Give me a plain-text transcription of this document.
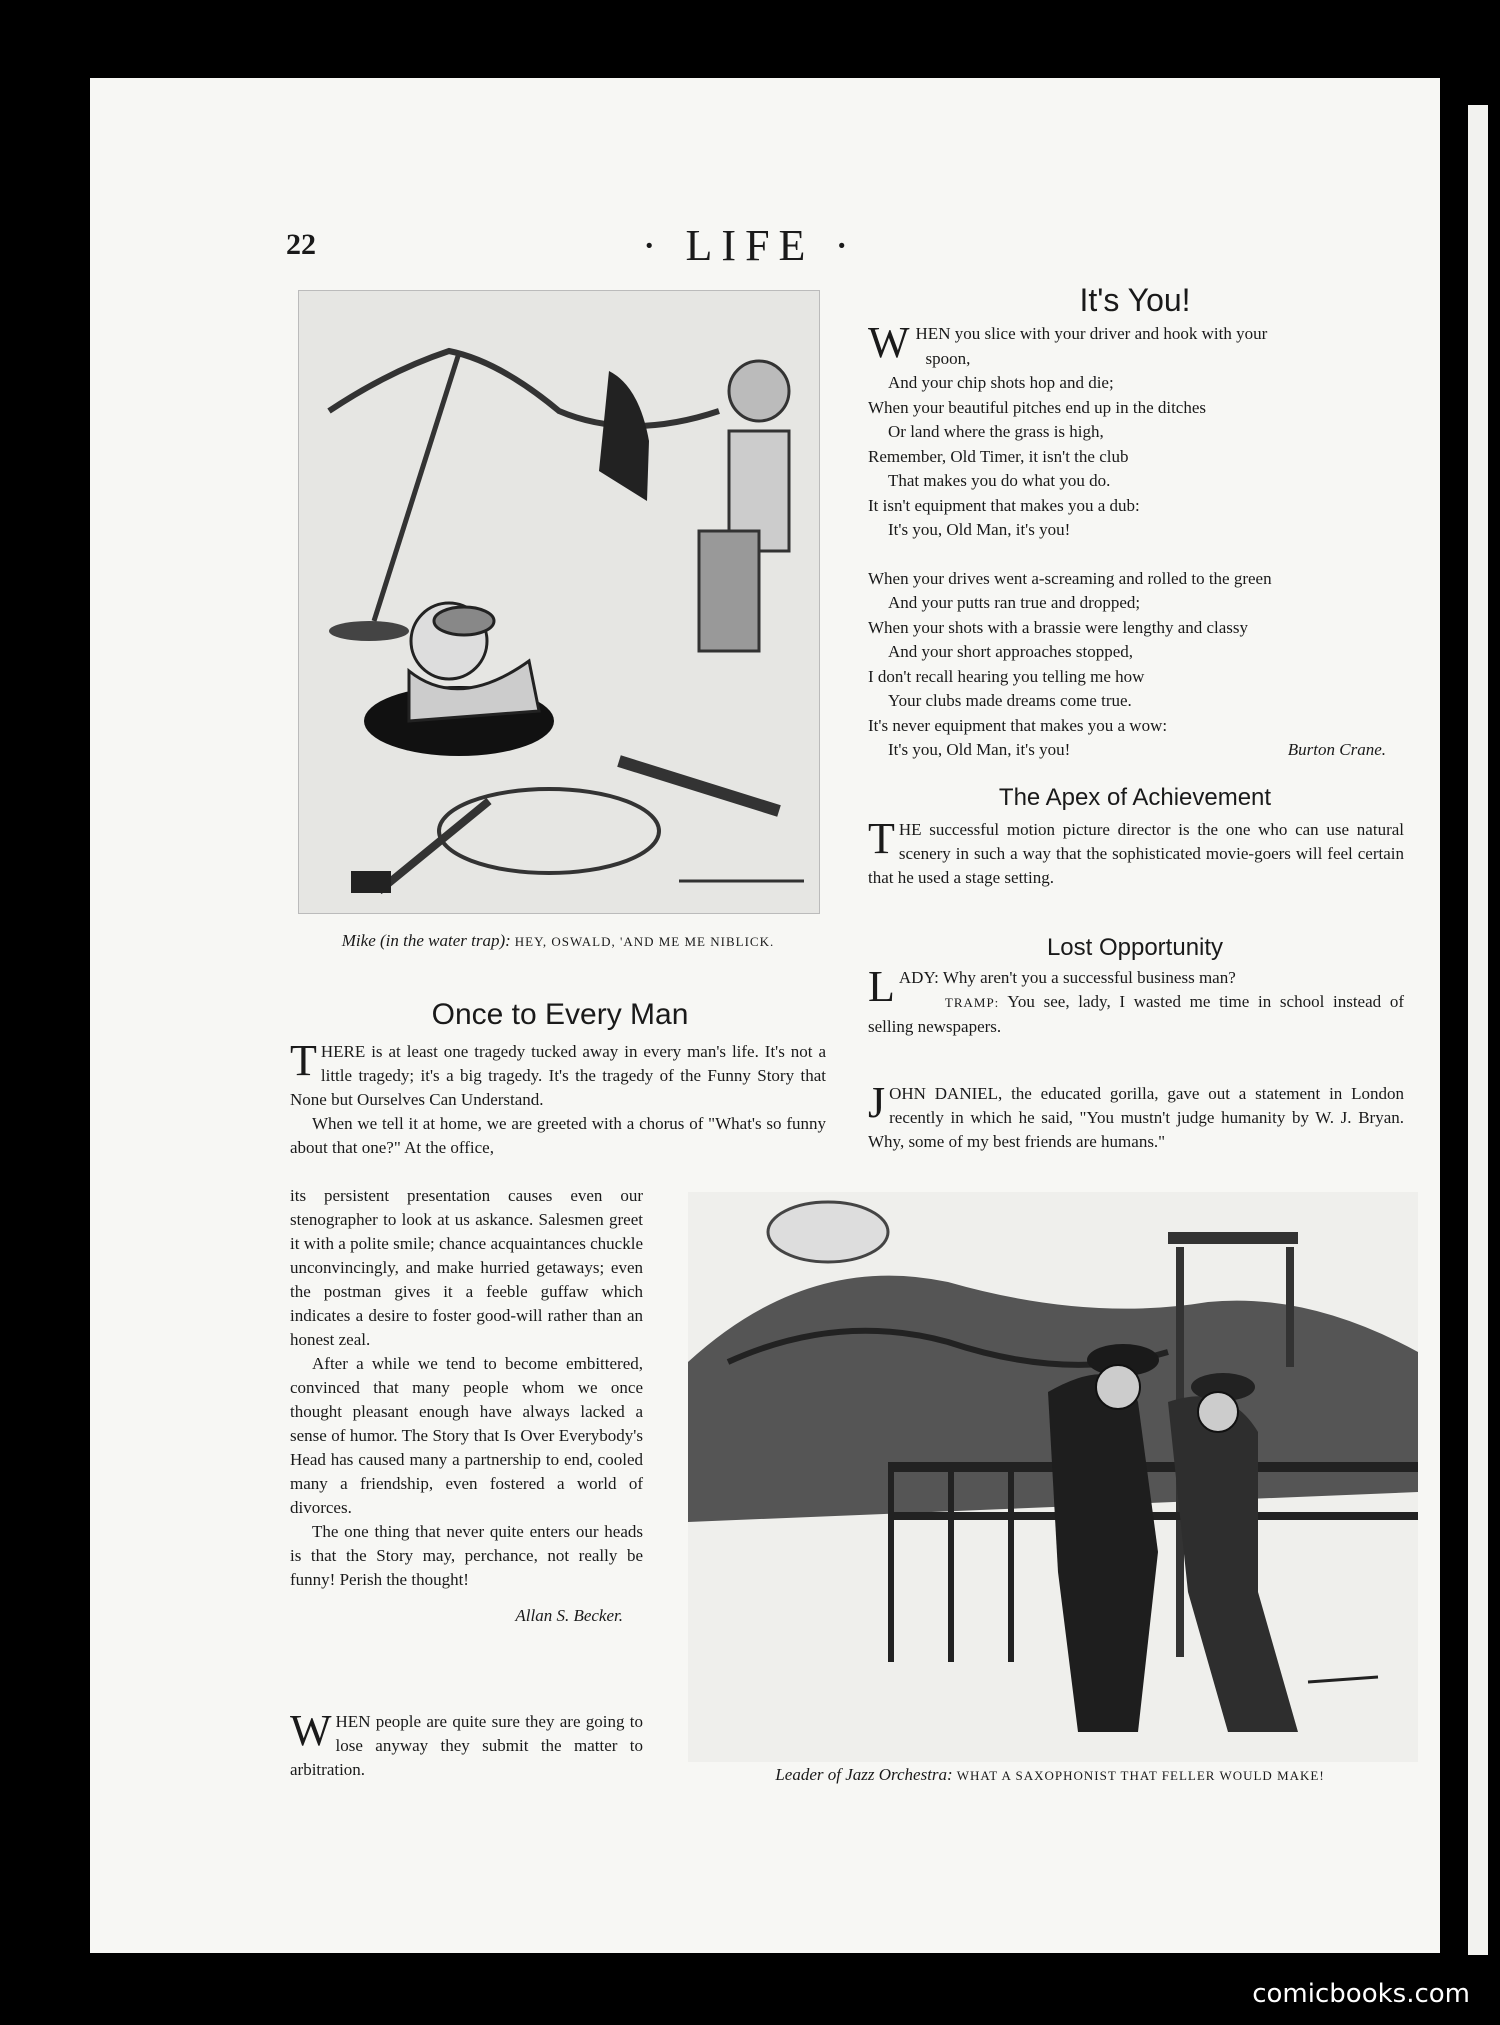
22	· LIFE ·
Mike (in the water trap): HEY, OSWALD, 'AND ME ME NIBLICK.
Once to Every Man

THERE is at least one tragedy tucked away in every man's life. It's not a little tragedy; it's a big tragedy. It's the tragedy of the Funny Story that None but Ourselves Can Understand.

When we tell it at home, we are greeted with a chorus of "What's so funny about that one?" At the office,

its persistent presentation causes even our stenographer to look at us askance. Salesmen greet it with a polite smile; chance acquaintances chuckle unconvincingly, and make hurried getaways; even the postman gives it a feeble guffaw which indicates a desire to foster good-will rather than an honest zeal.

After a while we tend to become embittered, convinced that many people whom we once thought pleasant enough have always lacked a sense of humor. The Story that Is Over Everybody's Head has caused many a partnership to end, cooled many a friendship, even fostered a world of divorces.

The one thing that never quite enters our heads is that the Story may, perchance, not really be funny! Perish the thought!

Allan S. Becker.

WHEN people are quite sure they are going to lose anyway they submit the matter to arbitration.

It's You!
W HEN you slice with your driver and hook with your
spoon,
And your chip shots hop and die;
When your beautiful pitches end up in the ditches
Or land where the grass is high,
Remember, Old Timer, it isn't the club
That makes you do what you do.
It isn't equipment that makes you a dub:
It's you, Old Man, it's you!
When your drives went a-screaming and rolled to the green
And your putts ran true and dropped;
When your shots with a brassie were lengthy and classy
And your short approaches stopped,
I don't recall hearing you telling me how
Your clubs made dreams come true.
It's never equipment that makes you a wow:
It's you, Old Man, it's you!	Burton Crane.
The Apex of Achievement

THE successful motion picture director is the one who can use natural scenery in such a way that the sophisticated movie-goers will feel certain that he used a stage setting.

Lost Opportunity

LADY: Why aren't you a successful business man?

TRAMP: You see, lady, I wasted me time in school instead of selling newspapers.

JOHN DANIEL, the educated gorilla, gave out a statement in London recently in which he said, "You mustn't judge humanity by W. J. Bryan. Why, some of my best friends are humans."

Leader of Jazz Orchestra: WHAT A SAXOPHONIST THAT FELLER WOULD MAKE!
comicbooks.com
